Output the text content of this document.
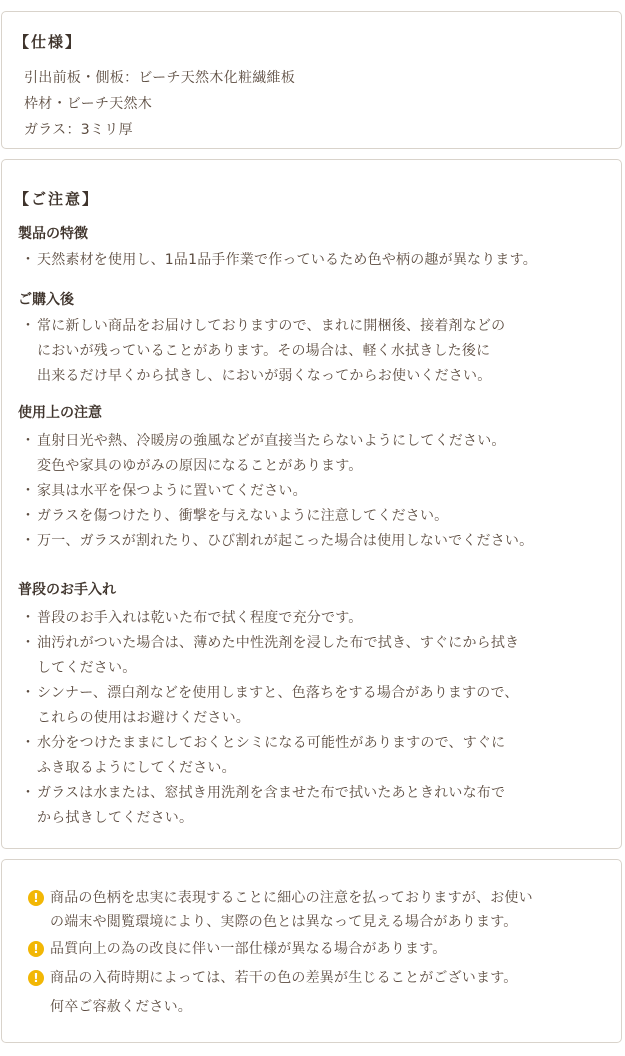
【仕様】
引出前板・側板：ビーチ天然木化粧繊維板
枠材・ビーチ天然木
ガラス：3ミリ厚
【ご注意】
製品の特徴
・ 天然素材を使用し、1品1品手作業で作っているため色や柄の趣が異なります。
ご購入後
・ 常に新しい商品をお届けしておりますので、まれに開梱後、接着剤などの
においが残っていることがあります。その場合は、軽く水拭きした後に
出来るだけ早くから拭きし、においが弱くなってからお使いください。
使用上の注意
・ 直射日光や熱、冷暖房の強風などが直接当たらないようにしてください。
変色や家具のゆがみの原因になることがあります。
・ 家具は水平を保つように置いてください。
・ ガラスを傷つけたり、衝撃を与えないように注意してください。
・ 万一、ガラスが割れたり、ひび割れが起こった場合は使用しないでください。
普段のお手入れ
・ 普段のお手入れは乾いた布で拭く程度で充分です。
・ 油汚れがついた場合は、薄めた中性洗剤を浸した布で拭き、すぐにから拭き
してください。
・ シンナー、漂白剤などを使用しますと、色落ちをする場合がありますので、
これらの使用はお避けください。
・ 水分をつけたままにしておくとシミになる可能性がありますので、すぐに
ふき取るようにしてください。
・ ガラスは水または、窓拭き用洗剤を含ませた布で拭いたあときれいな布で
から拭きしてください。
! 商品の色柄を忠実に表現することに細心の注意を払っておりますが、お使い
の端末や閲覧環境により、実際の色とは異なって見える場合があります。
! 品質向上の為の改良に伴い一部仕様が異なる場合があります。
! 商品の入荷時期によっては、若干の色の差異が生じることがございます。
何卒ご容赦ください。
